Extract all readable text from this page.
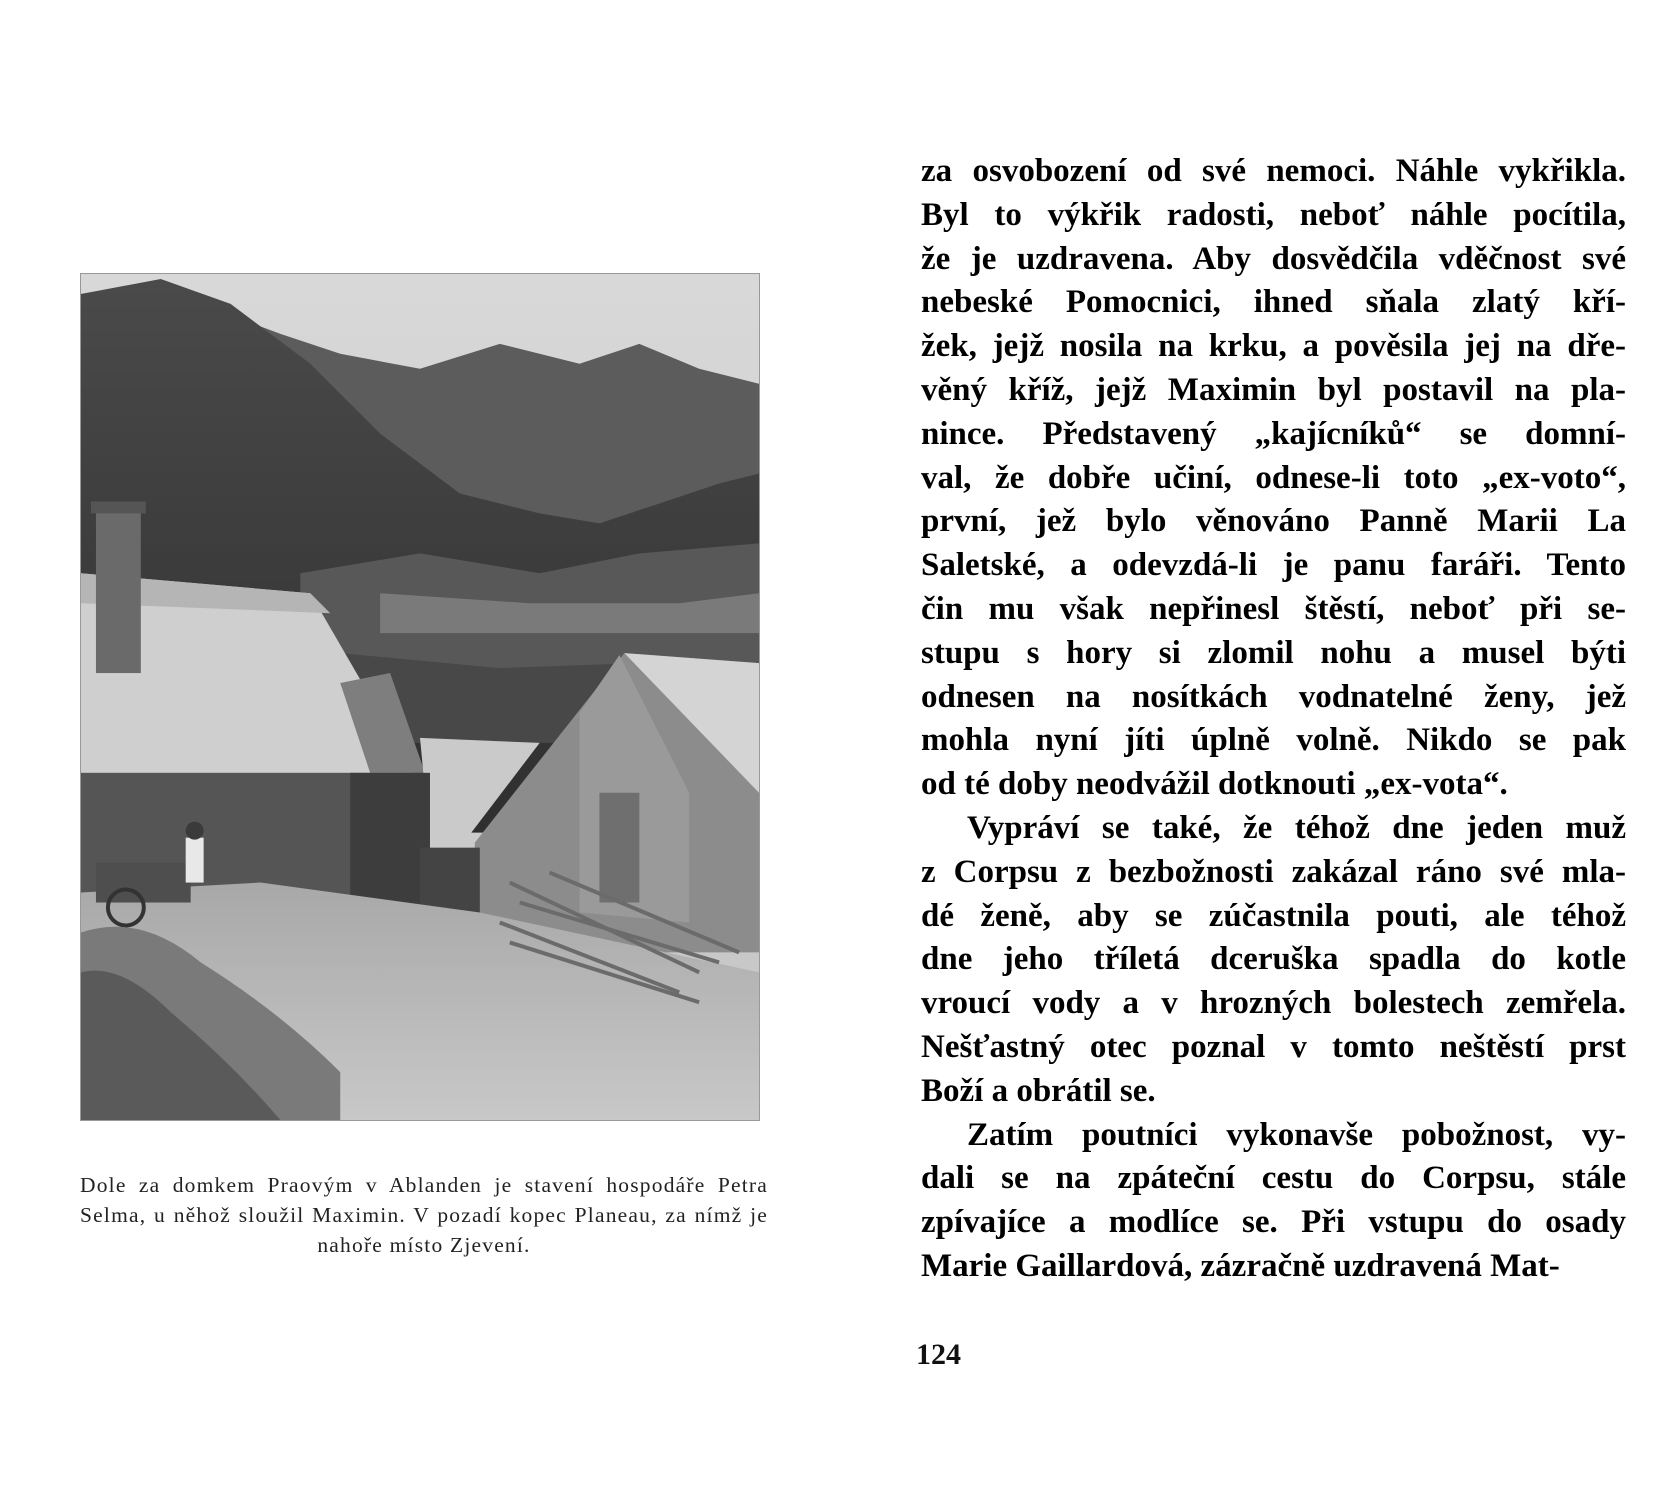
Dole za domkem Praovým v Ablanden je stavení hospodáře Petra Selma, u něhož sloužil Maximin. V pozadí kopec Planeau, za nímž je nahoře místo Zjevení.
za osvobození od své nemoci. Náhle vykřikla.
Byl to výkřik radosti, neboť náhle pocítila,
že je uzdravena. Aby dosvědčila vděčnost své
nebeské Pomocnici, ihned sňala zlatý kří-
žek, jejž nosila na krku, a pověsila jej na dře-
věný kříž, jejž Maximin byl postavil na pla-
nince. Představený „kajícníků“ se domní-
val, že dobře učiní, odnese-li toto „ex-voto“,
první, jež bylo věnováno Panně Marii La
Saletské, a odevzdá-li je panu faráři. Tento
čin mu však nepřinesl štěstí, neboť při se-
stupu s hory si zlomil nohu a musel býti
odnesen na nosítkách vodnatelné ženy, jež
mohla nyní jíti úplně volně. Nikdo se pak
od té doby neodvážil dotknouti „ex-vota“.
Vypráví se také, že téhož dne jeden muž
z Corpsu z bezbožnosti zakázal ráno své mla-
dé ženě, aby se zúčastnila pouti, ale téhož
dne jeho tříletá dceruška spadla do kotle
vroucí vody a v hrozných bolestech zemřela.
Nešťastný otec poznal v tomto neštěstí prst
Boží a obrátil se.
Zatím poutníci vykonavše pobožnost, vy-
dali se na zpáteční cestu do Corpsu, stále
zpívajíce a modlíce se. Při vstupu do osady
Marie Gaillardová, zázračně uzdravená Mat-
124
